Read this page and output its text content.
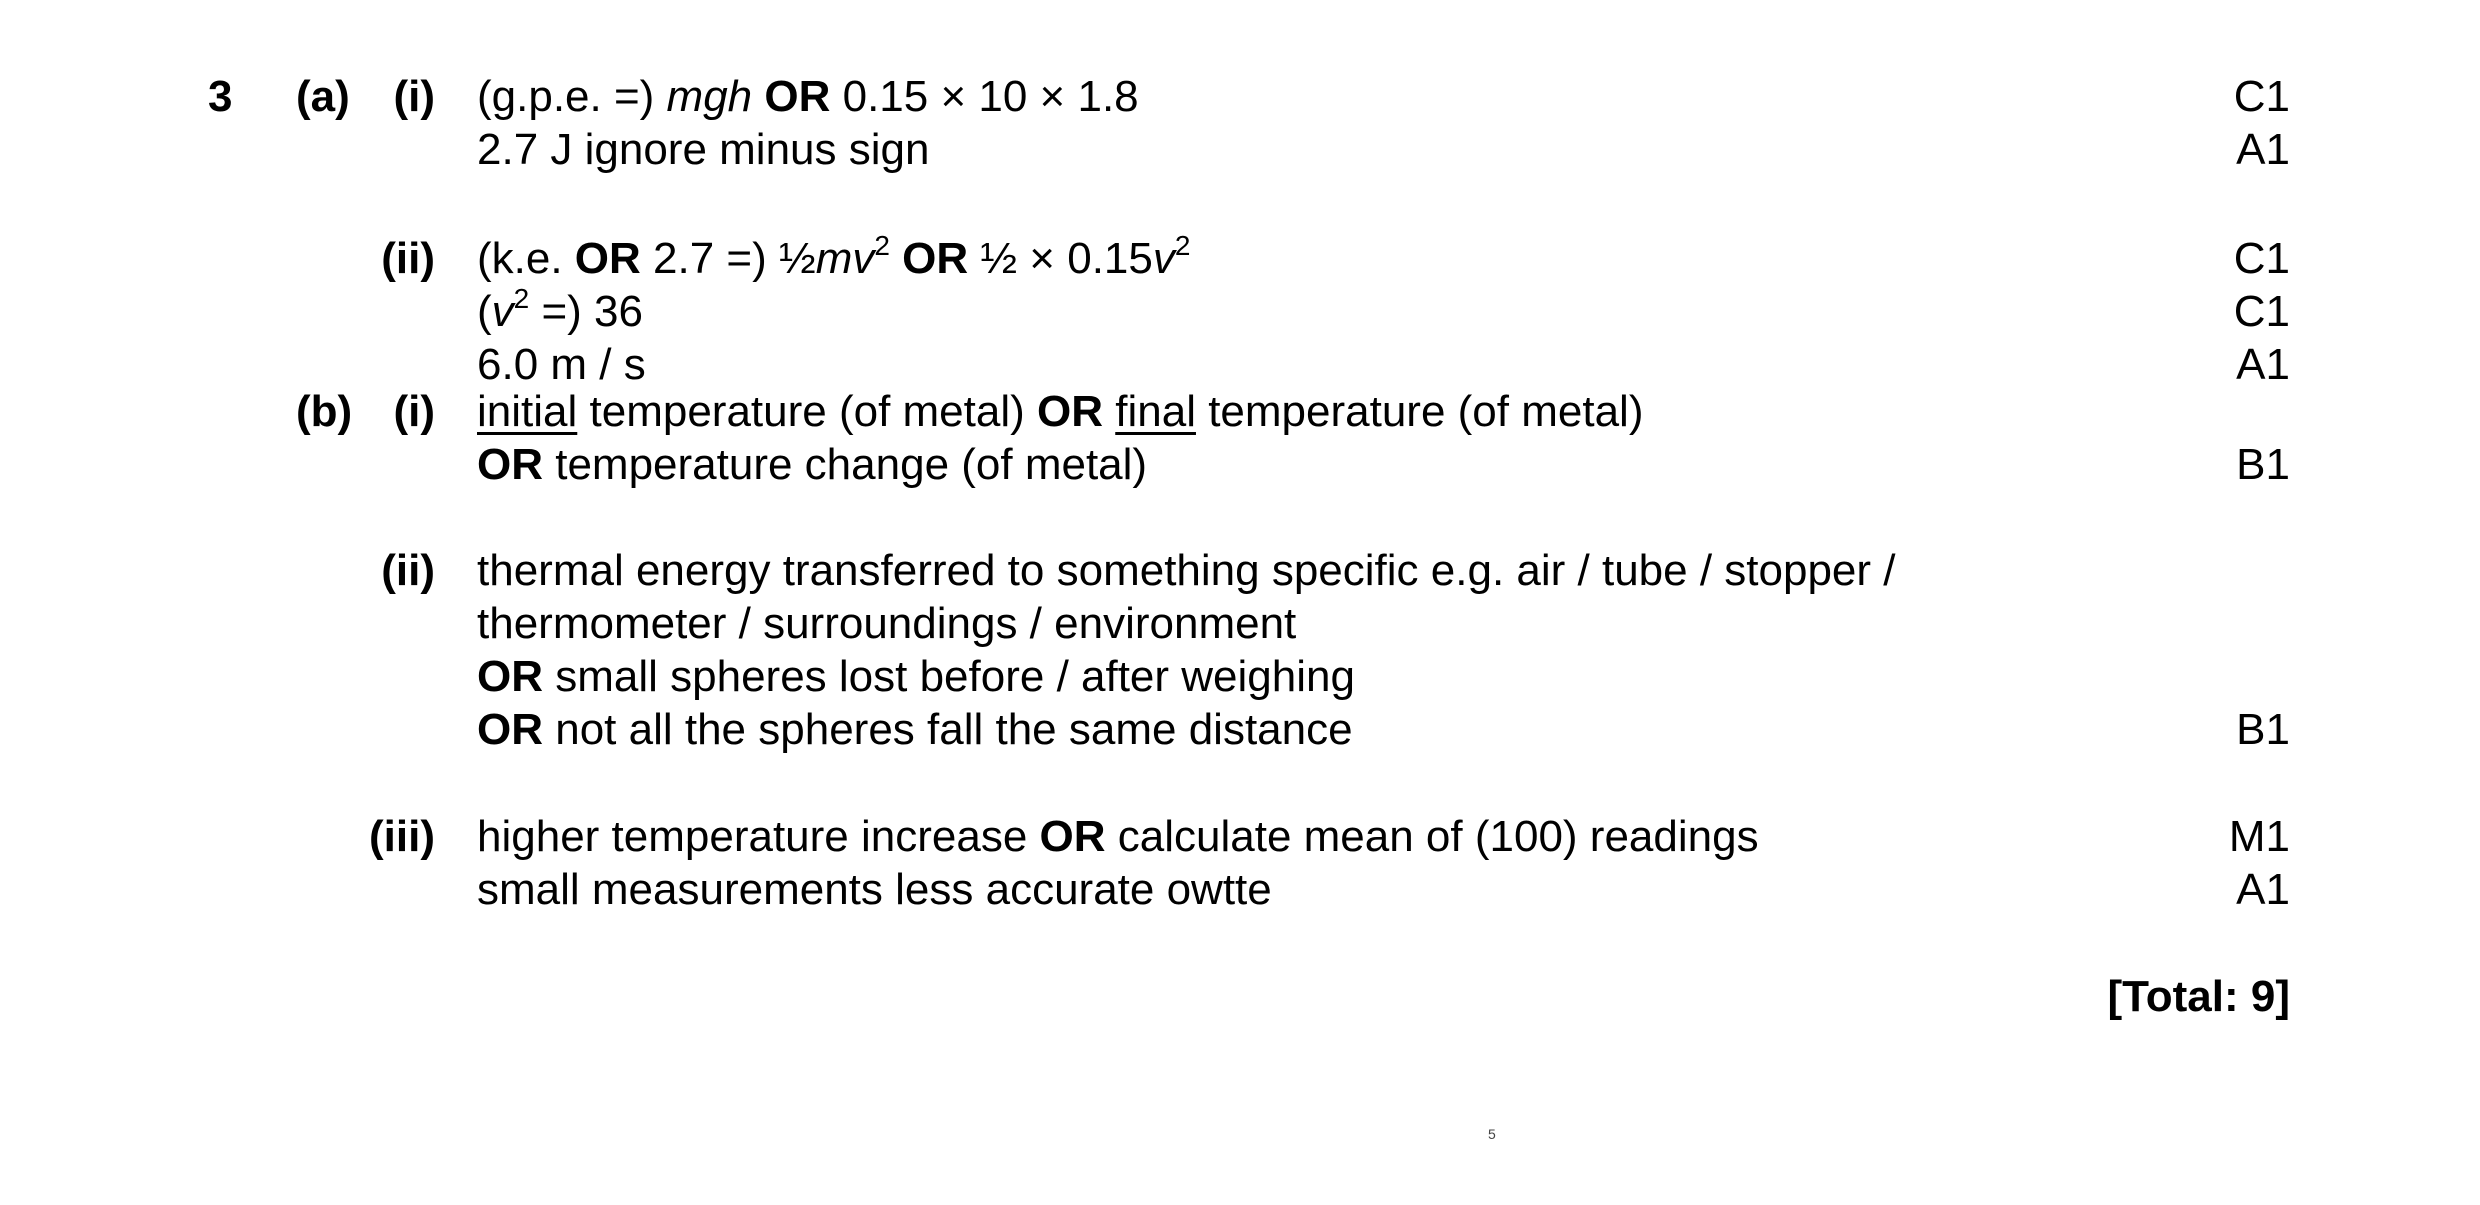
3 (a) (i) (g.p.e. =) mgh OR 0.15 × 10 × 1.8	C1
2.7 J ignore minus sign	A1
(ii) (k.e. OR 2.7 =) $\frac{1}{2}mv^2$ OR ½ × $0.15v^2$	C1
($v^2$ =) 36	C1
6.0 m / s	A1
(b) (i) initial temperature (of metal) OR final temperature (of metal)
OR temperature change (of metal)	B1
(ii) thermal energy transferred to something specific e.g. air / tube / stopper /
thermometer / surroundings / environment
OR small spheres lost before / after weighing
OR not all the spheres fall the same distance	B1
(iii) higher temperature increase OR calculate mean of (100) readings	M1
small measurements less accurate owtte	A1
[Total: 9]
5
